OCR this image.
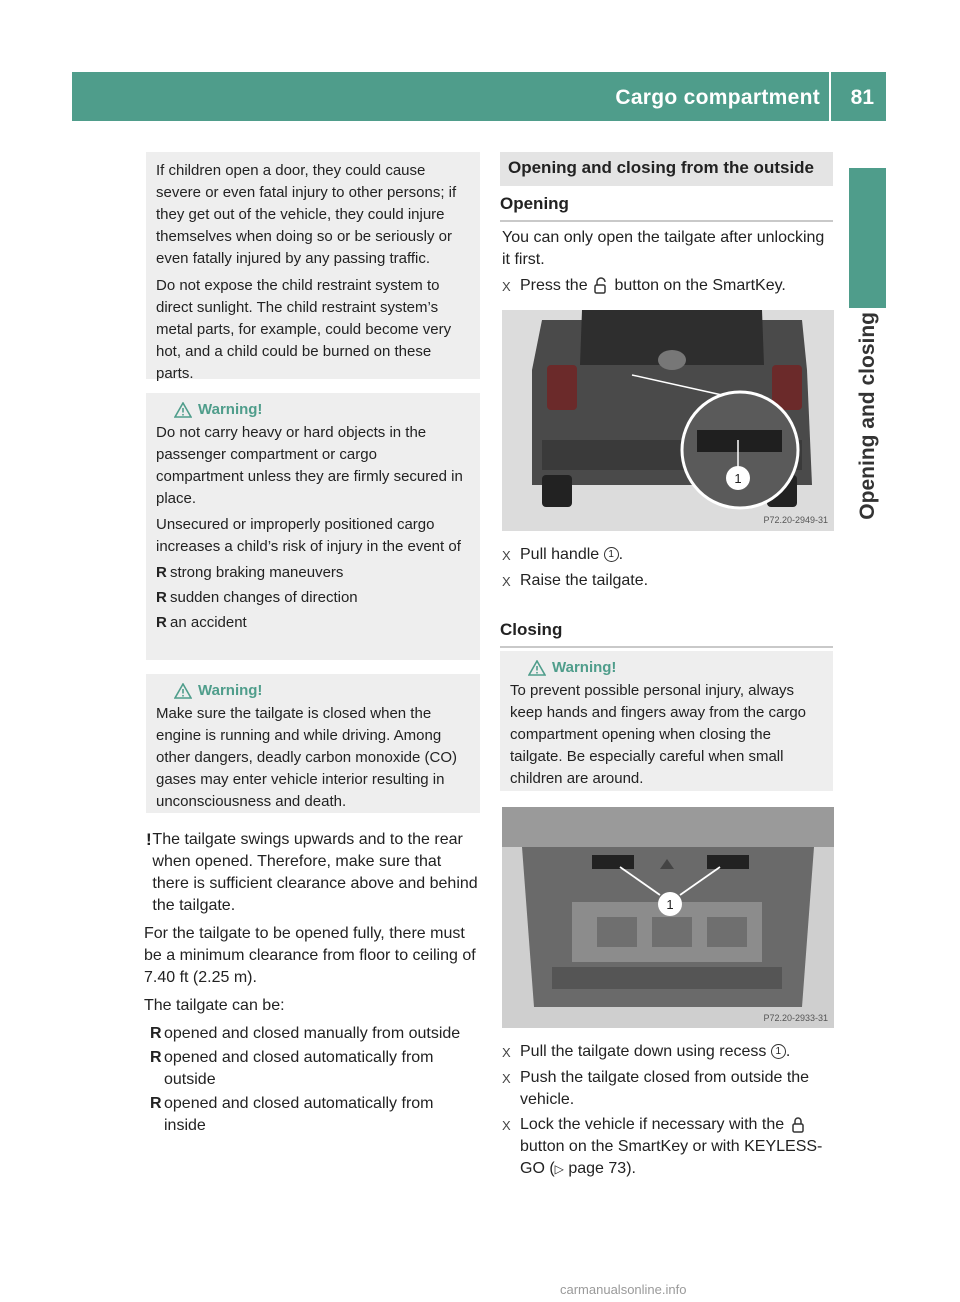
Cargo compartment 81
Opening and closing

If children open a door, they could cause severe or even fatal injury to other persons; if they get out of the vehicle, they could injure themselves when doing so or be seriously or even fatally injured by any passing traffic.

Do not expose the child restraint system to direct sunlight. The child restraint system’s metal parts, for example, could become very hot, and a child could be burned on these parts.

Warning!

Do not carry heavy or hard objects in the passenger compartment or cargo compartment unless they are firmly secured in place.

Unsecured or improperly positioned cargo increases a child’s risk of injury in the event of

R strong braking maneuvers
R sudden changes of direction
R an accident
Warning!

Make sure the tailgate is closed when the engine is running and while driving. Among other dangers, deadly carbon monoxide (CO) gases may enter vehicle interior resulting in unconsciousness and death.

! The tailgate swings upwards and to the rear when opened. Therefore, make sure that there is sufficient clearance above and behind the tailgate.

For the tailgate to be opened fully, there must be a minimum clearance from floor to ceiling of 7.40 ft (2.25 m).

The tailgate can be:

R opened and closed manually from outside
R opened and closed automatically from outside
R opened and closed automatically from inside
Opening and closing from the outside
Opening

You can only open the tailgate after unlocking it first.

X Press the button on the SmartKey.
1
P72.20-2949-31
X Pull handle 1 .
X Raise the tailgate.
Closing
Warning!

To prevent possible personal injury, always keep hands and fingers away from the cargo compartment opening when closing the tailgate. Be especially careful when small children are around.

1
P72.20-2933-31
X Pull the tailgate down using recess 1 .
X Push the tailgate closed from outside the vehicle.
X Lock the vehicle if necessary with the  button on the SmartKey or with KEYLESS-GO (▷ page 73).
carmanualsonline.info
